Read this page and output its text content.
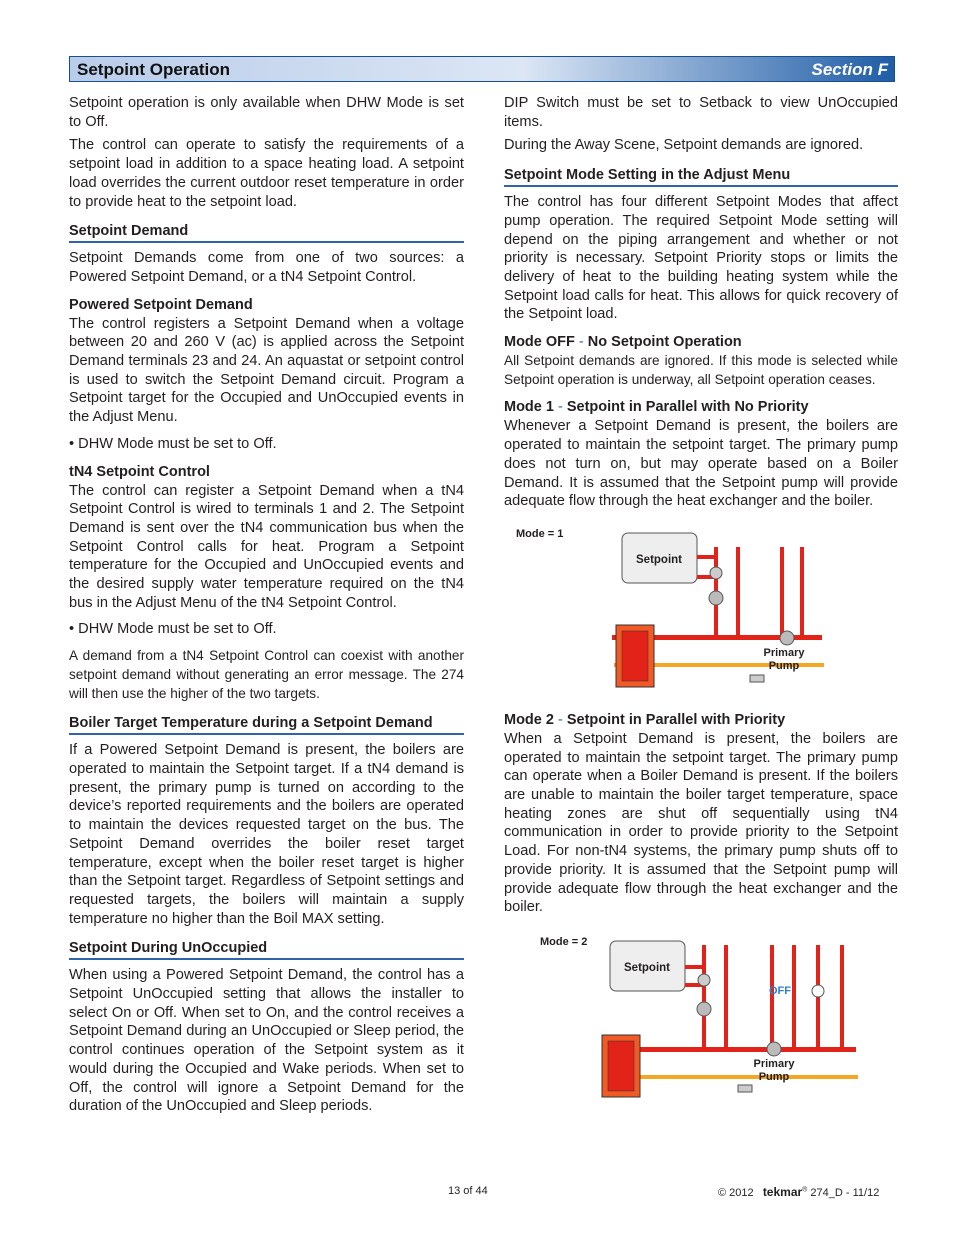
Setpoint Operation	Section F

Setpoint operation is only available when DHW Mode is set to Off.

The control can operate to satisfy the requirements of a setpoint load in addition to a space heating load. A setpoint load overrides the current outdoor reset temperature in order to provide heat to the setpoint load.

Setpoint Demand

Setpoint Demands come from one of two sources: a Powered Setpoint Demand, or a tN4 Setpoint Control.

Powered Setpoint Demand

The control registers a Setpoint Demand when a voltage between 20 and 260 V (ac) is applied across the Setpoint Demand terminals 23 and 24. An aquastat or setpoint control is used to switch the Setpoint Demand circuit. Program a Setpoint target for the Occupied and UnOccupied events in the Adjust Menu.

• DHW Mode must be set to Off.
tN4 Setpoint Control

The control can register a Setpoint Demand when a tN4 Setpoint Control is wired to terminals 1 and 2. The Setpoint Demand is sent over the tN4 communication bus when the Setpoint Control calls for heat. Program a Setpoint temperature for the Occupied and UnOccupied events and the desired supply water temperature required on the tN4 bus in the Adjust Menu of the tN4 Setpoint Control.

• DHW Mode must be set to Off.

A demand from a tN4 Setpoint Control can coexist with another setpoint demand without generating an error message. The 274 will then use the higher of the two targets.

Boiler Target Temperature during a Setpoint Demand

If a Powered Setpoint Demand is present, the boilers are operated to maintain the Setpoint target. If a tN4 demand is present, the primary pump is turned on according to the device’s reported requirements and the boilers are operated to maintain the devices requested target on the bus. The Setpoint Demand overrides the boiler reset target temperature, except when the boiler reset target is higher than the Setpoint target. Regardless of Setpoint settings and requested targets, the boilers will maintain a supply temperature no higher than the Boil MAX setting.

Setpoint During UnOccupied

When using a Powered Setpoint Demand, the control has a Setpoint UnOccupied setting that allows the installer to select On or Off. When set to On, and the control receives a Setpoint Demand during an UnOccupied or Sleep period, the control continues operation of the Setpoint system as it would during the Occupied and Wake periods. When set to Off, the control will ignore a Setpoint Demand for the duration of the UnOccupied and Sleep periods.

DIP Switch must be set to Setback to view UnOccupied items.

During the Away Scene, Setpoint demands are ignored.

Setpoint Mode Setting in the Adjust Menu

The control has four different Setpoint Modes that affect pump operation. The required Setpoint Mode setting will depend on the piping arrangement and whether or not priority is necessary. Setpoint Priority stops or limits the delivery of heat to the building heating system while the Setpoint load calls for heat. This allows for quick recovery of the Setpoint load.

Mode OFF - No Setpoint Operation

All Setpoint demands are ignored. If this mode is selected while Setpoint operation is underway, all Setpoint operation ceases.

Mode 1 - Setpoint in Parallel with No Priority

Whenever a Setpoint Demand is present, the boilers are operated to maintain the setpoint target. The primary pump does not turn on, but may operate based on a Boiler Demand. It is assumed that the Setpoint pump will provide adequate flow through the heat exchanger and the boiler.

Mode = 1
Setpoint
Primary
Pump
Mode 2 - Setpoint in Parallel with Priority

When a Setpoint Demand is present, the boilers are operated to maintain the setpoint target. The primary pump can operate when a Boiler Demand is present. If the boilers are unable to maintain the boiler target temperature, space heating zones are shut off sequentially using tN4 communication in order to provide priority to the Setpoint Load. For non-tN4 systems, the primary pump shuts off to provide priority. It is assumed that the Setpoint pump will provide adequate flow through the heat exchanger and the boiler.

Mode = 2
Setpoint
OFF
Primary
Pump
13 of 44	© 2012 tekmar® 274_D - 11/12
